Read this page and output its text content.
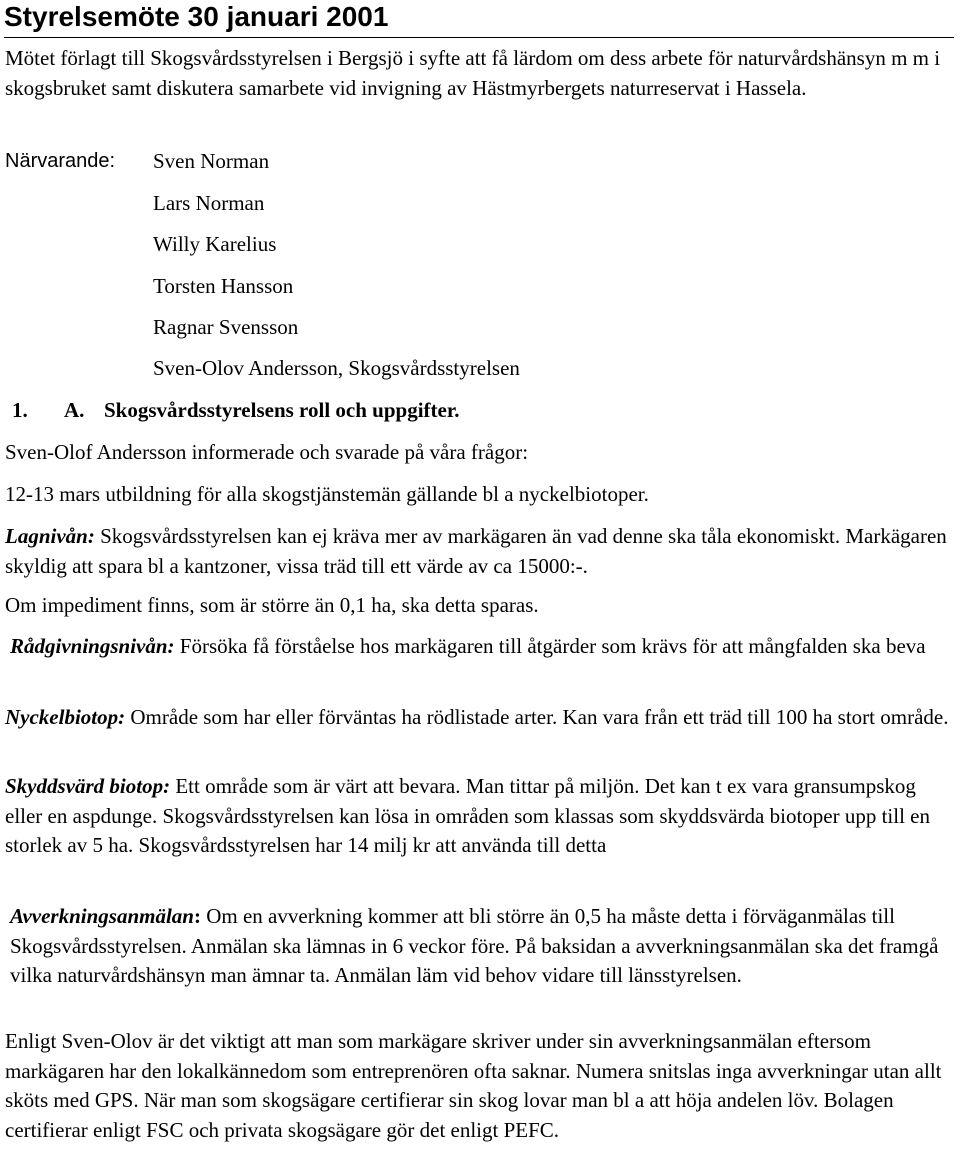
Styrelsemöte 30 januari 2001

Mötet förlagt till Skogsvårdsstyrelsen i Bergsjö i syfte att få lärdom om dess arbete för naturvårdshänsyn m m i skogsbruket samt diskutera samarbete vid invigning av Hästmyrbergets naturreservat i Hassela.

Närvarande: Sven Norman
Lars Norman
Willy Karelius
Torsten Hansson
Ragnar Svensson
Sven-Olov Andersson, Skogsvårdsstyrelsen
1. A. Skogsvårdsstyrelsens roll och uppgifter.

Sven-Olof Andersson informerade och svarade på våra frågor:

12-13 mars utbildning för alla skogstjänstemän gällande bl a nyckelbiotoper.

Lagnivån: Skogsvårdsstyrelsen kan ej kräva mer av markägaren än vad denne ska tåla ekonomiskt. Markägaren skyldig att spara bl a kantzoner, vissa träd till ett värde av ca 15000:-.

Om impediment finns, som är större än 0,1 ha, ska detta sparas.

Rådgivningsnivån: Försöka få förståelse hos markägaren till åtgärder som krävs för att mångfalden ska beva

Nyckelbiotop: Område som har eller förväntas ha rödlistade arter. Kan vara från ett träd till 100 ha stort område.

Skyddsvärd biotop: Ett område som är värt att bevara. Man tittar på miljön. Det kan t ex vara gransumpskog eller en aspdunge. Skogsvårdsstyrelsen kan lösa in områden som klassas som skyddsvärda biotoper upp till en storlek av 5 ha. Skogsvårdsstyrelsen har 14 milj kr att använda till detta

Avverkningsanmälan: Om en avverkning kommer att bli större än 0,5 ha måste detta i förväganmälas till Skogsvårdsstyrelsen. Anmälan ska lämnas in 6 veckor före. På baksidan a avverkningsanmälan ska det framgå vilka naturvårdshänsyn man ämnar ta. Anmälan läm vid behov vidare till länsstyrelsen.

Enligt Sven-Olov är det viktigt att man som markägare skriver under sin avverkningsanmälan eftersom markägaren har den lokalkännedom som entreprenören ofta saknar. Numera snitslas inga avverkningar utan allt sköts med GPS. När man som skogsägare certifierar sin skog lovar man bl a att höja andelen löv. Bolagen certifierar enligt FSC och privata skogsägare gör det enligt PEFC.
